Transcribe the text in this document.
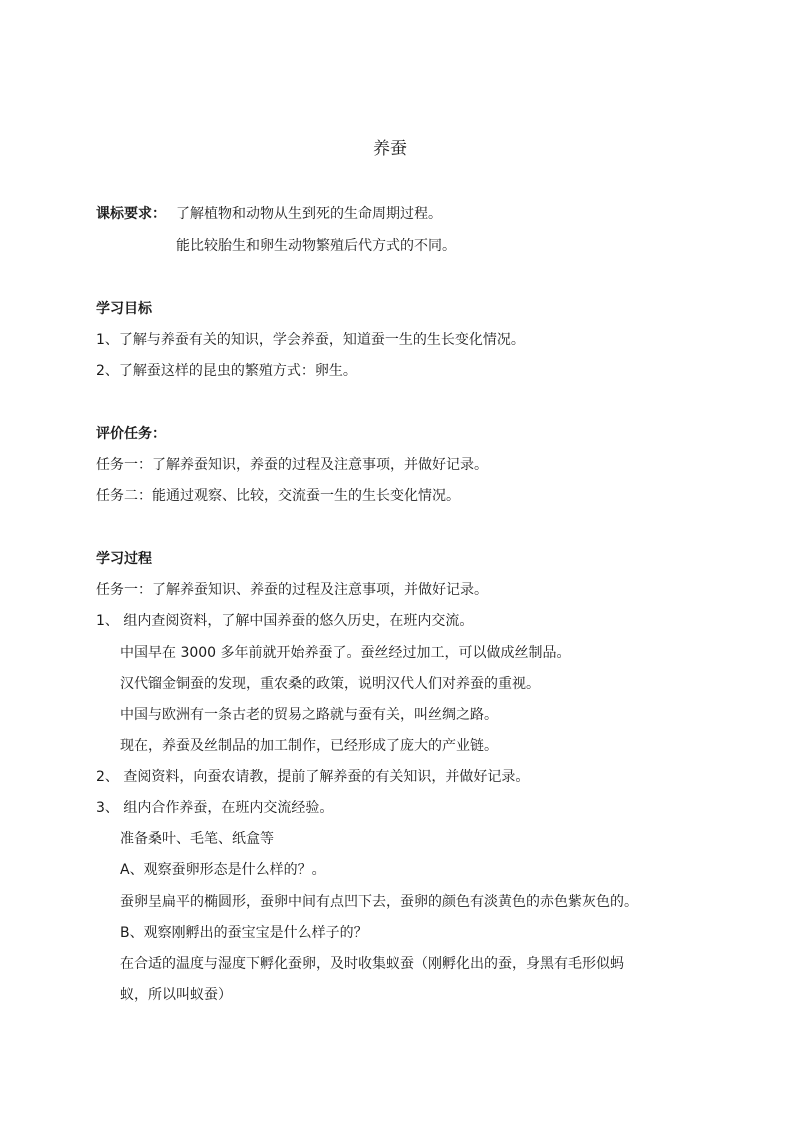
养蚕
课标要求： 了解植物和动物从生到死的生命周期过程。
能比较胎生和卵生动物繁殖后代方式的不同。
学习目标
1、了解与养蚕有关的知识，学会养蚕，知道蚕一生的生长变化情况。
2、了解蚕这样的昆虫的繁殖方式：卵生。
评价任务：
任务一：了解养蚕知识，养蚕的过程及注意事项，并做好记录。
任务二：能通过观察、比较，交流蚕一生的生长变化情况。
学习过程
任务一：了解养蚕知识、养蚕的过程及注意事项，并做好记录。
1、 组内查阅资料，了解中国养蚕的悠久历史，在班内交流。
中国早在 3000 多年前就开始养蚕了。蚕丝经过加工，可以做成丝制品。
汉代镏金铜蚕的发现，重农桑的政策，说明汉代人们对养蚕的重视。
中国与欧洲有一条古老的贸易之路就与蚕有关，叫丝绸之路。
现在，养蚕及丝制品的加工制作，已经形成了庞大的产业链。
2、 查阅资料，向蚕农请教，提前了解养蚕的有关知识，并做好记录。
3、 组内合作养蚕，在班内交流经验。
准备桑叶、毛笔、纸盒等
A、观察蚕卵形态是什么样的？。
蚕卵呈扁平的椭圆形，蚕卵中间有点凹下去，蚕卵的颜色有淡黄色的赤色紫灰色的。
B、观察刚孵出的蚕宝宝是什么样子的？
在合适的温度与湿度下孵化蚕卵，及时收集蚁蚕（刚孵化出的蚕，身黑有毛形似蚂
蚁，所以叫蚁蚕）
